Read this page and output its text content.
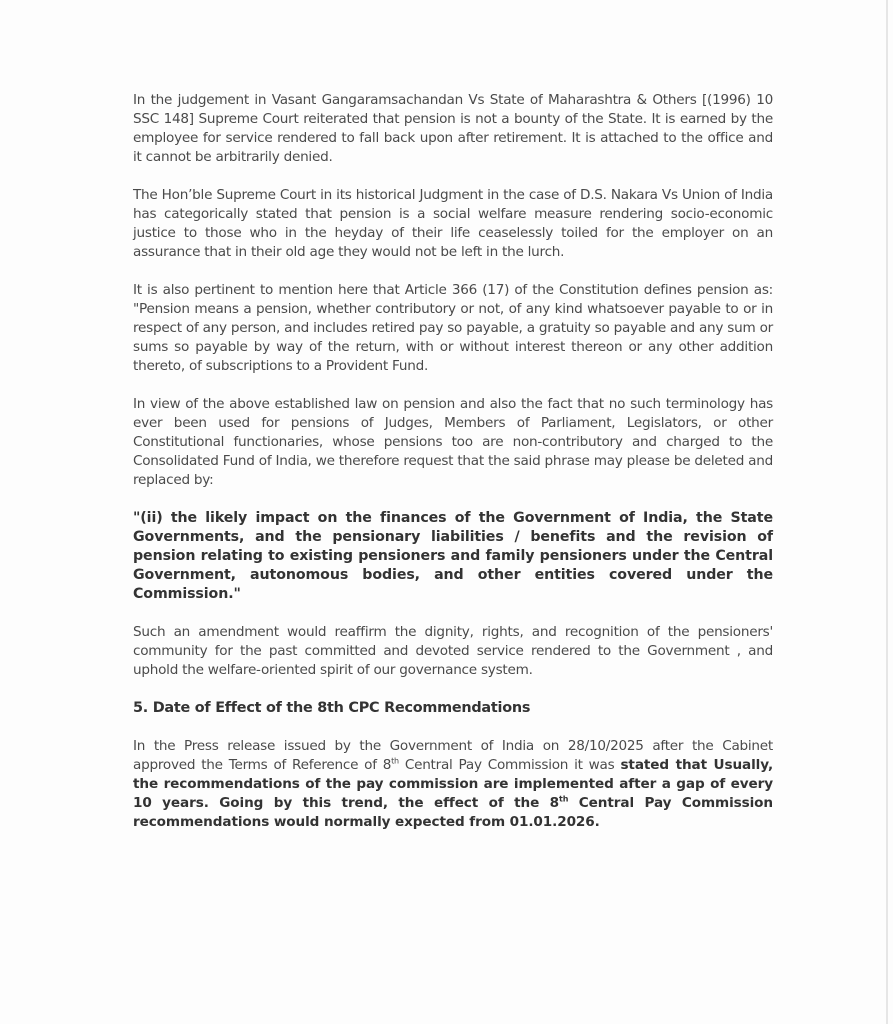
In the judgement in Vasant Gangaramsachandan Vs State of Maharashtra & Others [(1996) 10 SSC 148] Supreme Court reiterated that pension is not a bounty of the State. It is earned by the employee for service rendered to fall back upon after retirement. It is attached to the office and it cannot be arbitrarily denied.

The Hon’ble Supreme Court in its historical Judgment in the case of D.S. Nakara Vs Union of India has categorically stated that pension is a social welfare measure rendering socio-economic justice to those who in the heyday of their life ceaselessly toiled for the employer on an assurance that in their old age they would not be left in the lurch.

It is also pertinent to mention here that Article 366 (17) of the Constitution defines pension as: "Pension means a pension, whether contributory or not, of any kind whatsoever payable to or in respect of any person, and includes retired pay so payable, a gratuity so payable and any sum or sums so payable by way of the return, with or without interest thereon or any other addition thereto, of subscriptions to a Provident Fund.

In view of the above established law on pension and also the fact that no such terminology has ever been used for pensions of Judges, Members of Parliament, Legislators, or other Constitutional functionaries, whose pensions too are non-contributory and charged to the Consolidated Fund of India, we therefore request that the said phrase may please be deleted and replaced by:

"(ii) the likely impact on the finances of the Government of India, the State Governments, and the pensionary liabilities / benefits and the revision of pension relating to existing pensioners and family pensioners under the Central Government, autonomous bodies, and other entities covered under the Commission."

Such an amendment would reaffirm the dignity, rights, and recognition of the pensioners' community for the past committed and devoted service rendered to the Government , and uphold the welfare-oriented spirit of our governance system.

5. Date of Effect of the 8th CPC Recommendations

In the Press release issued by the Government of India on 28/10/2025 after the Cabinet approved the Terms of Reference of 8th Central Pay Commission it was stated that Usually, the recommendations of the pay commission are implemented after a gap of every 10 years. Going by this trend, the effect of the 8th Central Pay Commission recommendations would normally expected from 01.01.2026.
